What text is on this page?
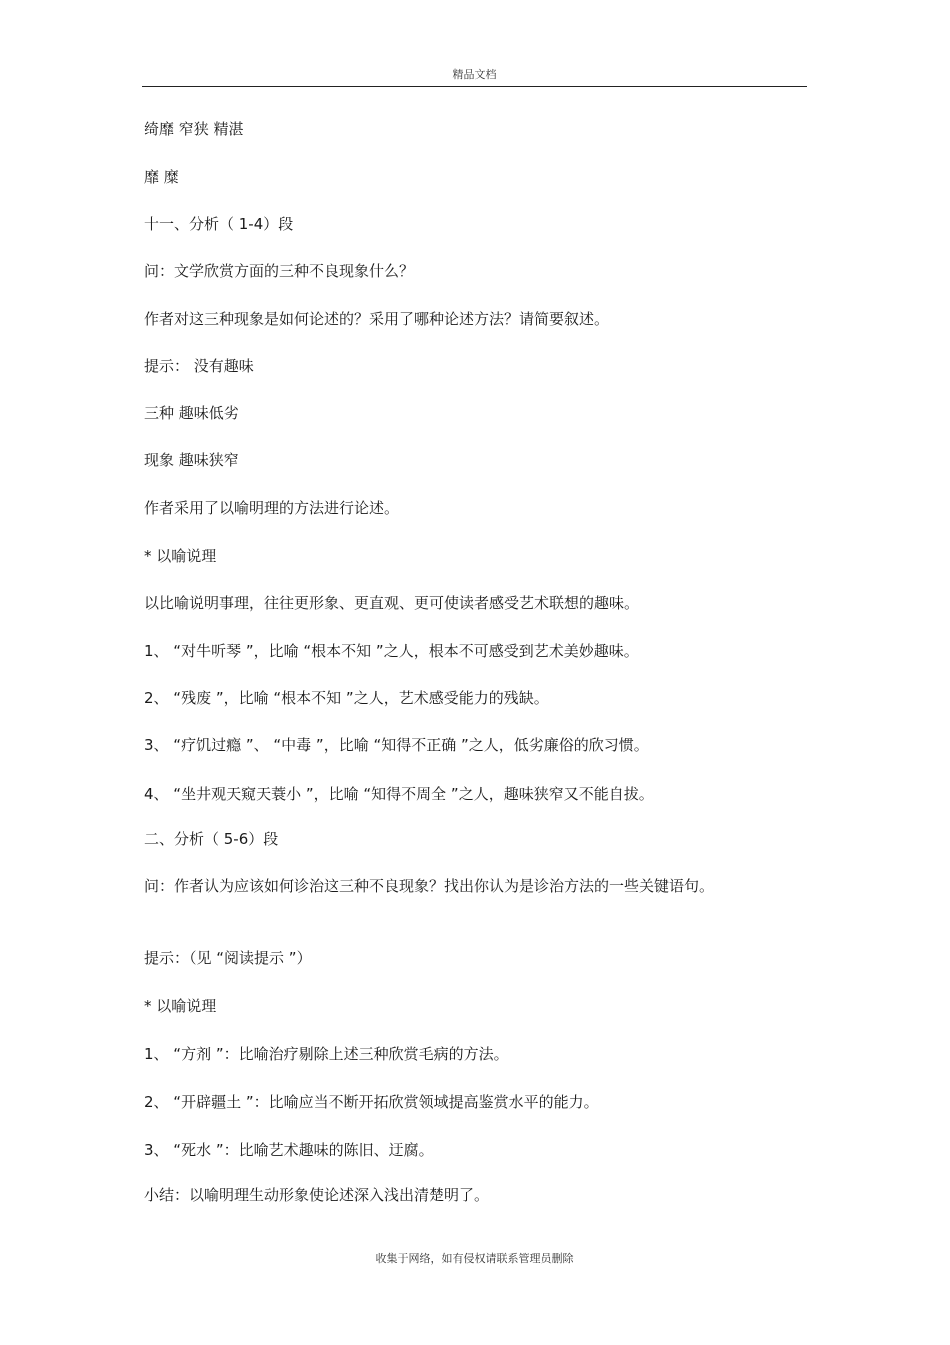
精品文档
绮靡 窄狭 精湛
靡 糜
十一、分析（ 1-4）段
问：文学欣赏方面的三种不良现象什么？
作者对这三种现象是如何论述的？采用了哪种论述方法？请简要叙述。
提示： 没有趣味
三种 趣味低劣
现象 趣味狭窄
作者采用了以喻明理的方法进行论述。
* 以喻说理
以比喻说明事理，往往更形象、更直观、更可使读者感受艺术联想的趣味。
1、 “对牛听琴 ”，比喻 “根本不知 ”之人，根本不可感受到艺术美妙趣味。
2、 “残废 ”，比喻 “根本不知 ”之人，艺术感受能力的残缺。
3、 “疗饥过瘾 ”、 “中毒 ”，比喻 “知得不正确 ”之人，低劣廉俗的欣习惯。
4、 “坐井观天窥天蓑小 ”，比喻 “知得不周全 ”之人，趣味狭窄又不能自拔。
二、分析（ 5-6）段
问：作者认为应该如何诊治这三种不良现象？找出你认为是诊治方法的一些关键语句。
提示：（见 “阅读提示 ”）
* 以喻说理
1、 “方剂 ”：比喻治疗剔除上述三种欣赏毛病的方法。
2、 “开辟疆土 ”：比喻应当不断开拓欣赏领域提高鉴赏水平的能力。
3、 “死水 ”：比喻艺术趣味的陈旧、迂腐。
小结：以喻明理生动形象使论述深入浅出清楚明了。
收集于网络，如有侵权请联系管理员删除
